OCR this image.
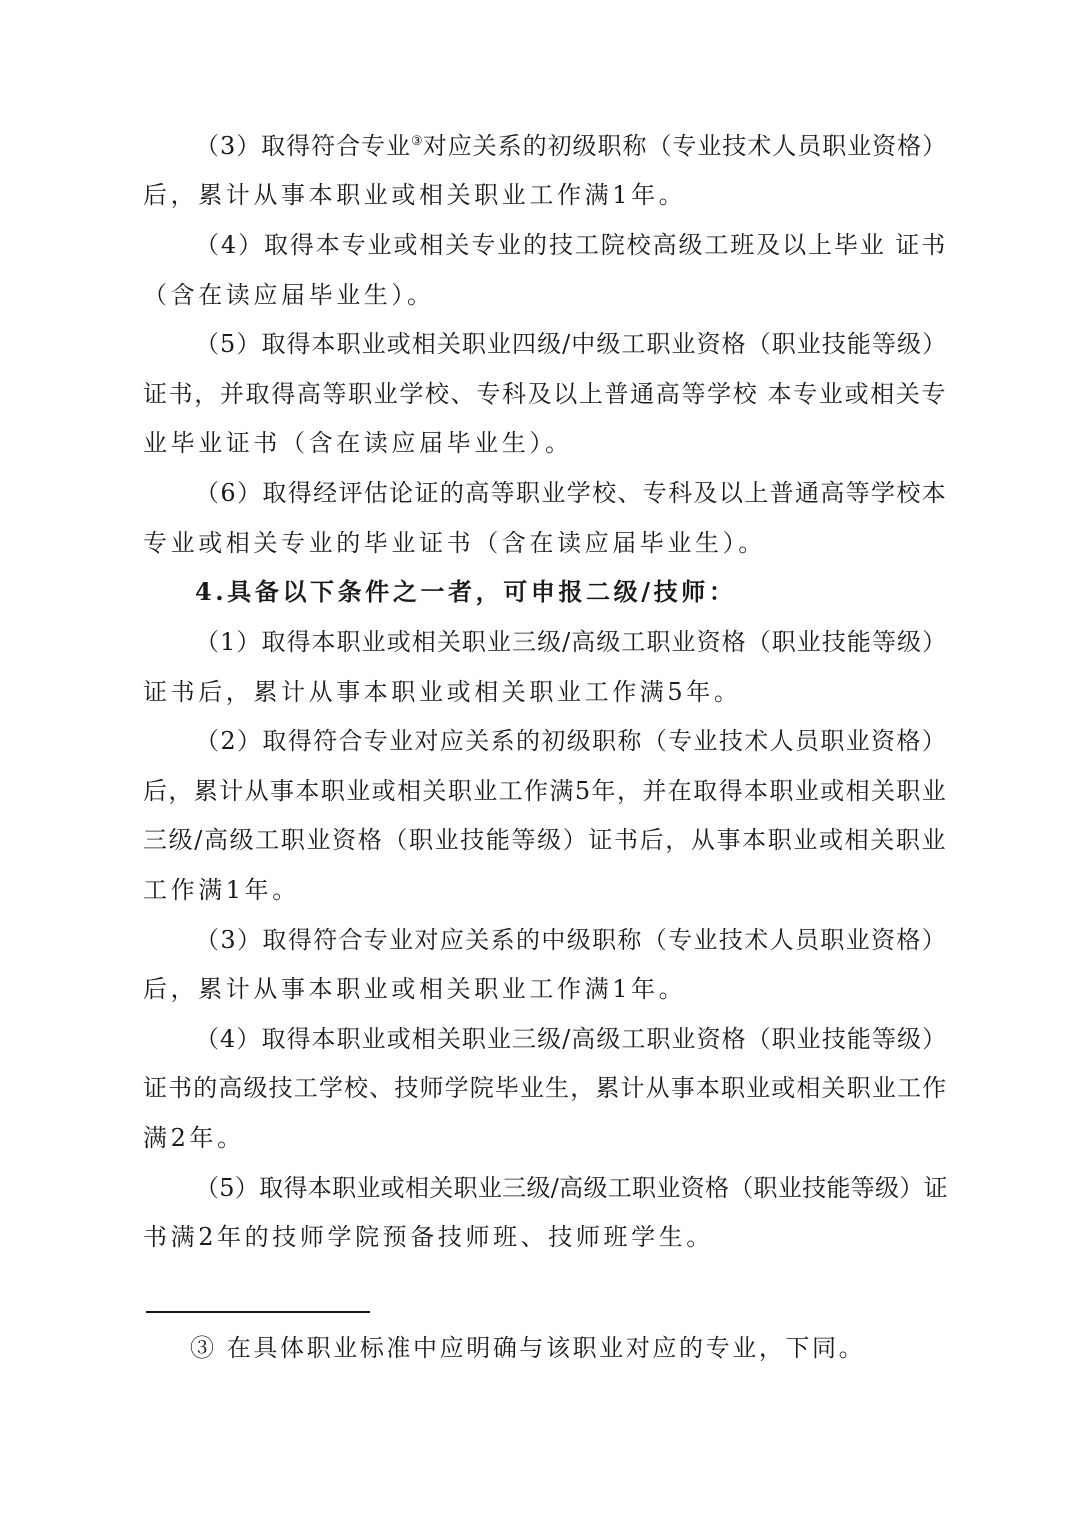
（3）取得符合专业③对应关系的初级职称（专业技术人员职业资格）
后，累计从事本职业或相关职业工作满1年。
（4）取得本专业或相关专业的技工院校高级工班及以上毕业 证书
（含在读应届毕业生）。
（5）取得本职业或相关职业四级/中级工职业资格（职业技能等级）
证书，并取得高等职业学校、专科及以上普通高等学校 本专业或相关专
业毕业证书（含在读应届毕业生）。
（6）取得经评估论证的高等职业学校、专科及以上普通高等学校本
专业或相关专业的毕业证书（含在读应届毕业生）。
4.具备以下条件之一者，可申报二级/技师：
（1）取得本职业或相关职业三级/高级工职业资格（职业技能等级）
证书后，累计从事本职业或相关职业工作满5年。
（2）取得符合专业对应关系的初级职称（专业技术人员职业资格）
后，累计从事本职业或相关职业工作满5年，并在取得本职业或相关职业
三级/高级工职业资格（职业技能等级）证书后，从事本职业或相关职业
工作满1年。
（3）取得符合专业对应关系的中级职称（专业技术人员职业资格）
后，累计从事本职业或相关职业工作满1年。
（4）取得本职业或相关职业三级/高级工职业资格（职业技能等级）
证书的高级技工学校、技师学院毕业生，累计从事本职业或相关职业工作
满2年。
（5）取得本职业或相关职业三级/高级工职业资格（职业技能等级）证
书满2年的技师学院预备技师班、技师班学生。
③ 在具体职业标准中应明确与该职业对应的专业，下同。
